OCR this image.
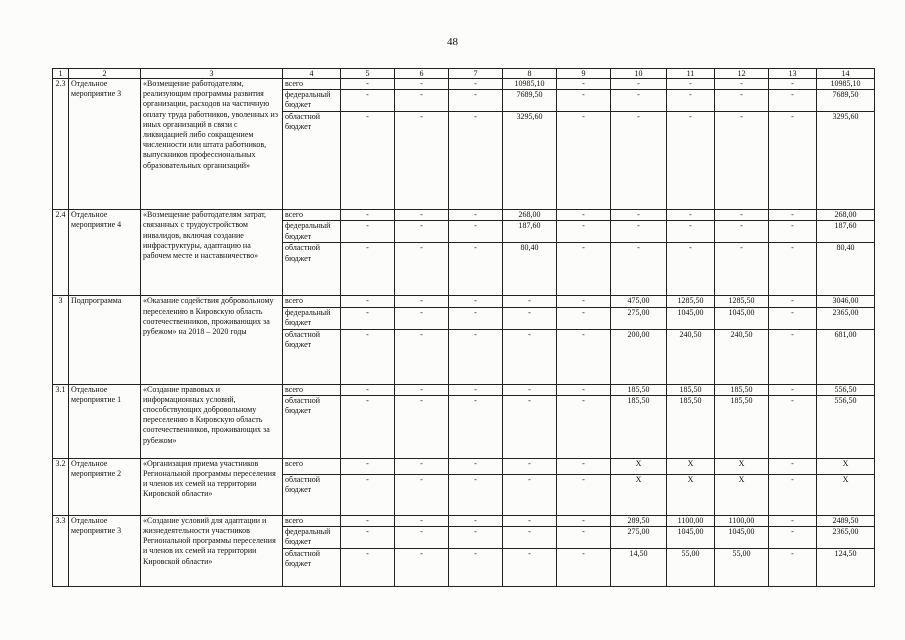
48
1	2	3	4	5	6	7	8	9	10	11	12	13	14
2.3	Отдельное мероприятие 3	«Возмещение работодателям, реализующим программы развития организации, расходов на частичную оплату труда работников, уволенных из иных организаций в связи с ликвидацией либо сокращением численности или штата работников, выпускников профессиональных образовательных организаций»	всего	-	-	-	10985,10	-	-	-	-	-	10985,10
			федеральный бюджет	-	-	-	7689,50	-	-	-	-	-	7689,50
			областной бюджет	-	-	-	3295,60	-	-	-	-	-	3295,60
2.4	Отдельное мероприятие 4	«Возмещение работодателям затрат, связанных с трудоустройством инвалидов, включая создание инфраструктуры, адаптацию на рабочем месте и наставничество»	всего	-	-	-	268,00	-	-	-	-	-	268,00
			федеральный бюджет	-	-	-	187,60	-	-	-	-	-	187,60
			областной бюджет	-	-	-	80,40	-	-	-	-	-	80,40
3	Подпрограмма	«Оказание содействия добровольному переселению в Кировскую область соотечественников, проживающих за рубежом» на 2018 – 2020 годы	всего	-	-	-	-	-	475,00	1285,50	1285,50	-	3046,00
			федеральный бюджет	-	-	-	-	-	275,00	1045,00	1045,00	-	2365,00
			областной бюджет	-	-	-	-	-	200,00	240,50	240,50	-	681,00
3.1	Отдельное мероприятие 1	«Создание правовых и информационных условий, способствующих добровольному переселению в Кировскую область соотечественников, проживающих за рубежом»	всего	-	-	-	-	-	185,50	185,50	185,50	-	556,50
			областной бюджет	-	-	-	-	-	185,50	185,50	185,50	-	556,50
3.2	Отдельное мероприятие 2	«Организация приема участников Региональной программы переселения и членов их семей на территории Кировской области»	всего	-	-	-	-	-	X	X	X	-	X
			областной бюджет	-	-	-	-	-	X	X	X	-	X
3.3	Отдельное мероприятие 3	«Создание условий для адаптации и жизнедеятельности участников Региональной программы переселения и членов их семей на территории Кировской области»	всего	-	-	-	-	-	289,50	1100,00	1100,00	-	2489,50
			федеральный бюджет	-	-	-	-	-	275,00	1045,00	1045,00	-	2365,00
			областной бюджет	-	-	-	-	-	14,50	55,00	55,00	-	124,50
